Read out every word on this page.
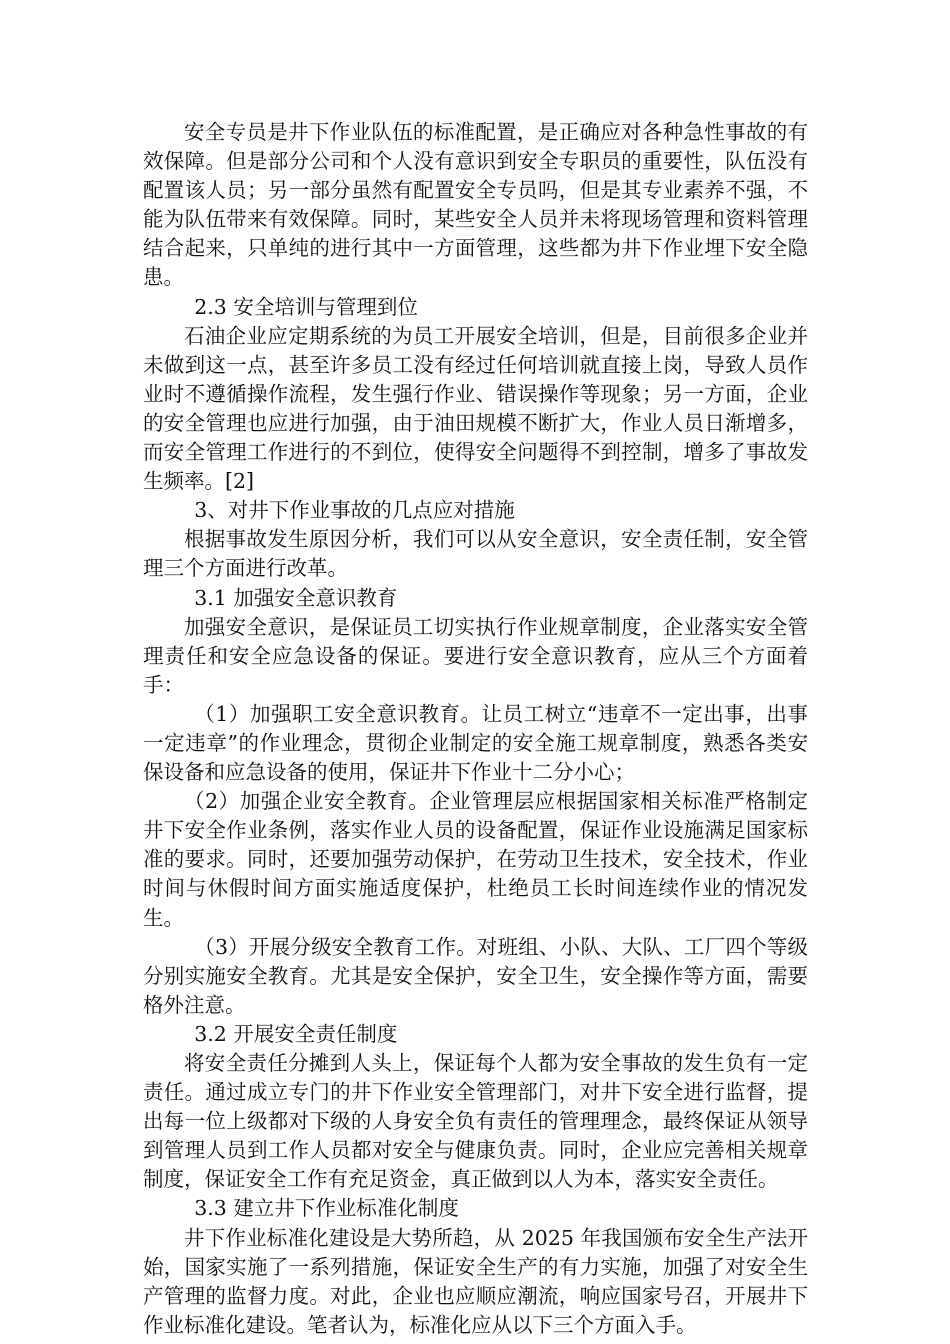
安全专员是井下作业队伍的标准配置，是正确应对各种急性事故的有效保障。但是部分公司和个人没有意识到安全专职员的重要性，队伍没有配置该人员；另一部分虽然有配置安全专员吗，但是其专业素养不强，不能为队伍带来有效保障。同时，某些安全人员并未将现场管理和资料管理结合起来，只单纯的进行其中一方面管理，这些都为井下作业埋下安全隐患。

2.3 安全培训与管理到位

石油企业应定期系统的为员工开展安全培训，但是，目前很多企业并未做到这一点，甚至许多员工没有经过任何培训就直接上岗，导致人员作业时不遵循操作流程，发生强行作业、错误操作等现象；另一方面，企业的安全管理也应进行加强，由于油田规模不断扩大，作业人员日渐增多，而安全管理工作进行的不到位，使得安全问题得不到控制，增多了事故发生频率。[2]

3、对井下作业事故的几点应对措施

根据事故发生原因分析，我们可以从安全意识，安全责任制，安全管理三个方面进行改革。

3.1 加强安全意识教育

加强安全意识，是保证员工切实执行作业规章制度，企业落实安全管理责任和安全应急设备的保证。要进行安全意识教育，应从三个方面着手：

（1）加强职工安全意识教育。让员工树立“违章不一定出事，出事一定违章”的作业理念，贯彻企业制定的安全施工规章制度，熟悉各类安保设备和应急设备的使用，保证井下作业十二分小心；

（2）加强企业安全教育。企业管理层应根据国家相关标准严格制定井下安全作业条例，落实作业人员的设备配置，保证作业设施满足国家标准的要求。同时，还要加强劳动保护，在劳动卫生技术，安全技术，作业时间与休假时间方面实施适度保护，杜绝员工长时间连续作业的情况发生。

（3）开展分级安全教育工作。对班组、小队、大队、工厂四个等级分别实施安全教育。尤其是安全保护，安全卫生，安全操作等方面，需要格外注意。

3.2 开展安全责任制度

将安全责任分摊到人头上，保证每个人都为安全事故的发生负有一定责任。通过成立专门的井下作业安全管理部门，对井下安全进行监督，提出每一位上级都对下级的人身安全负有责任的管理理念，最终保证从领导到管理人员到工作人员都对安全与健康负责。同时，企业应完善相关规章制度，保证安全工作有充足资金，真正做到以人为本，落实安全责任。

3.3 建立井下作业标准化制度

井下作业标准化建设是大势所趋，从 2025 年我国颁布安全生产法开始，国家实施了一系列措施，保证安全生产的有力实施，加强了对安全生产管理的监督力度。对此，企业也应顺应潮流，响应国家号召，开展井下作业标准化建设。笔者认为，标准化应从以下三个方面入手。
